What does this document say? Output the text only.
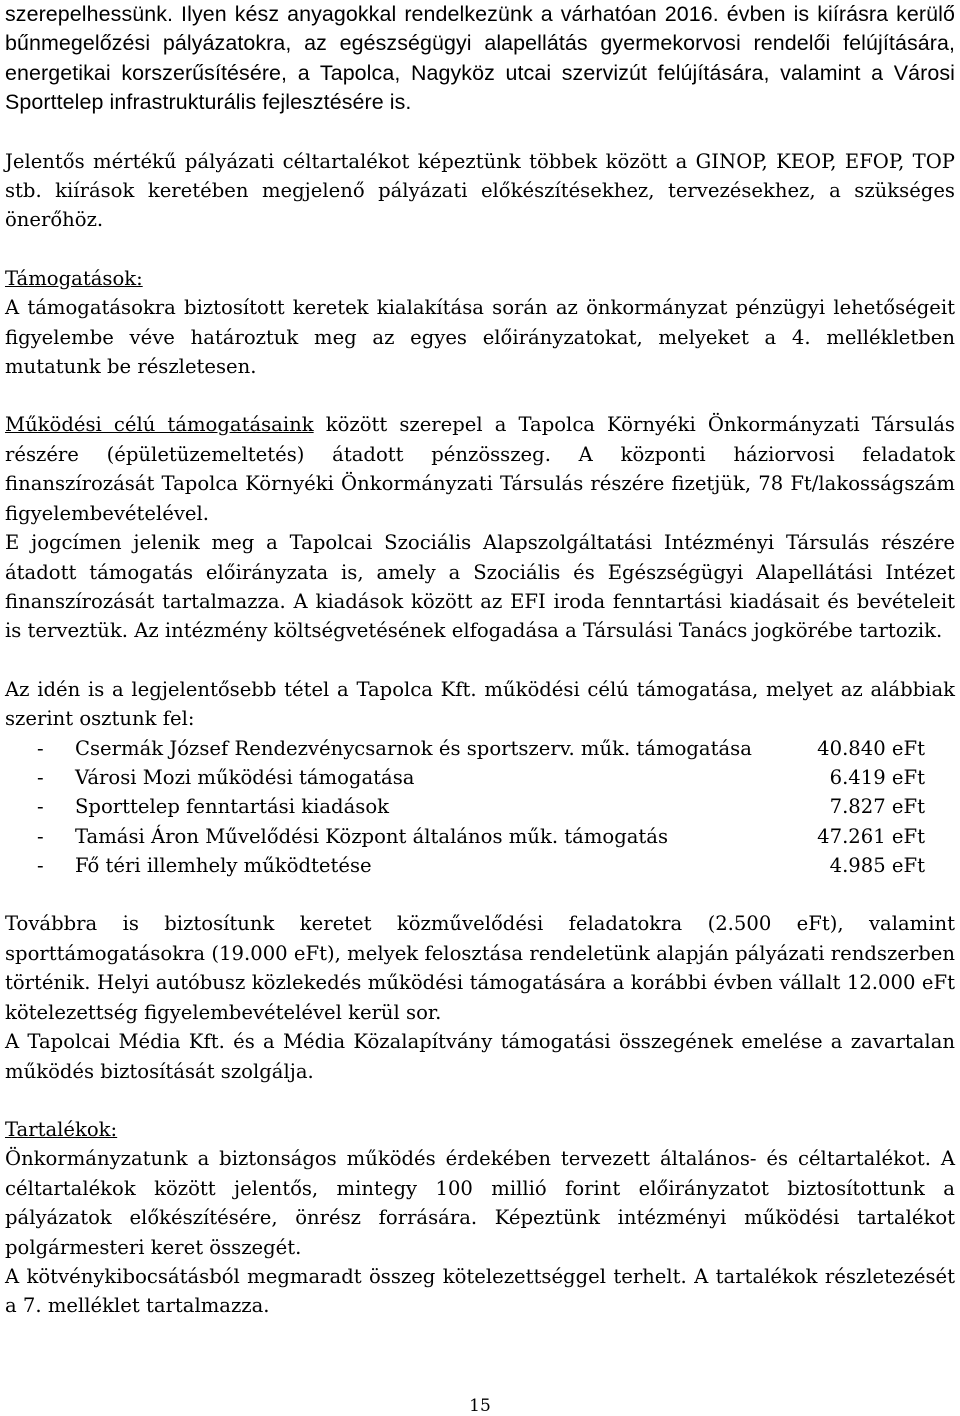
szerepelhessünk. Ilyen kész anyagokkal rendelkezünk a várhatóan 2016. évben is kiírásra kerülő bűnmegelőzési pályázatokra, az egészségügyi alapellátás gyermekorvosi rendelői felújítására, energetikai korszerűsítésére, a Tapolca, Nagyköz utcai szervizút felújítására, valamint a Városi Sporttelep infrastrukturális fejlesztésére is.

Jelentős mértékű pályázati céltartalékot képeztünk többek között a GINOP, KEOP, EFOP, TOP stb. kiírások keretében megjelenő pályázati előkészítésekhez, tervezésekhez, a szükséges önerőhöz.

Támogatások:

A támogatásokra biztosított keretek kialakítása során az önkormányzat pénzügyi lehetőségeit figyelembe véve határoztuk meg az egyes előirányzatokat, melyeket a 4. mellékletben mutatunk be részletesen.

Működési célú támogatásaink között szerepel a Tapolca Környéki Önkormányzati Társulás részére (épületüzemeltetés) átadott pénzösszeg. A központi háziorvosi feladatok finanszírozását Tapolca Környéki Önkormányzati Társulás részére fizetjük, 78 Ft/lakosságszám figyelembevételével.

E jogcímen jelenik meg a Tapolcai Szociális Alapszolgáltatási Intézményi Társulás részére átadott támogatás előirányzata is, amely a Szociális és Egészségügyi Alapellátási Intézet finanszírozását tartalmazza. A kiadások között az EFI iroda fenntartási kiadásait és bevételeit is terveztük. Az intézmény költségvetésének elfogadása a Társulási Tanács jogkörébe tartozik.

Az idén is a legjelentősebb tétel a Tapolca Kft. működési célú támogatása, melyet az alábbiak szerint osztunk fel:

- Csermák József Rendezvénycsarnok és sportszerv. műk. támogatása	40.840 eFt
- Városi Mozi működési támogatása	6.419 eFt
- Sporttelep fenntartási kiadások	7.827 eFt
- Tamási Áron Művelődési Központ általános műk. támogatás	47.261 eFt
- Fő téri illemhely működtetése	4.985 eFt

Továbbra is biztosítunk keretet közművelődési feladatokra (2.500 eFt), valamint sporttámogatásokra (19.000 eFt), melyek felosztása rendeletünk alapján pályázati rendszerben történik. Helyi autóbusz közlekedés működési támogatására a korábbi évben vállalt 12.000 eFt kötelezettség figyelembevételével kerül sor.

A Tapolcai Média Kft. és a Média Közalapítvány támogatási összegének emelése a zavartalan működés biztosítását szolgálja.

Tartalékok:

Önkormányzatunk a biztonságos működés érdekében tervezett általános- és céltartalékot. A céltartalékok között jelentős, mintegy 100 millió forint előirányzatot biztosítottunk a pályázatok előkészítésére, önrész forrására. Képeztünk intézményi működési tartalékot polgármesteri keret összegét.

A kötvénykibocsátásból megmaradt összeg kötelezettséggel terhelt. A tartalékok részletezését a 7. melléklet tartalmazza.

15
